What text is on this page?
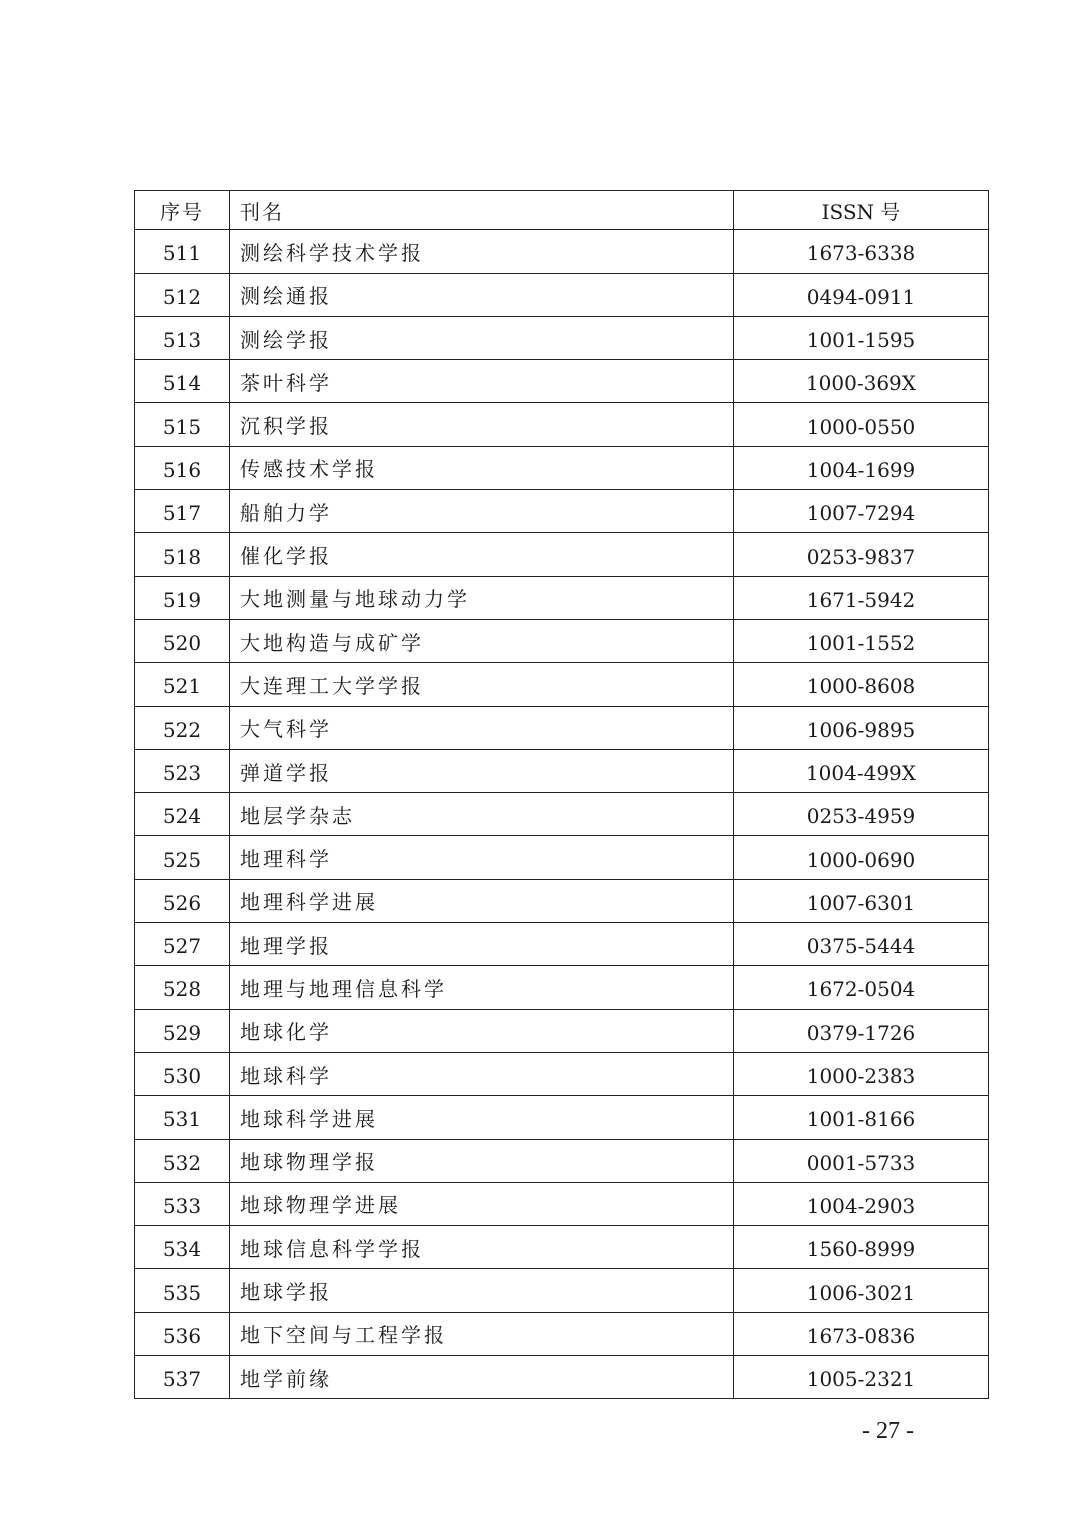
序号	刊名	ISSN 号
511	测绘科学技术学报	1673-6338
512	测绘通报	0494-0911
513	测绘学报	1001-1595
514	茶叶科学	1000-369X
515	沉积学报	1000-0550
516	传感技术学报	1004-1699
517	船舶力学	1007-7294
518	催化学报	0253-9837
519	大地测量与地球动力学	1671-5942
520	大地构造与成矿学	1001-1552
521	大连理工大学学报	1000-8608
522	大气科学	1006-9895
523	弹道学报	1004-499X
524	地层学杂志	0253-4959
525	地理科学	1000-0690
526	地理科学进展	1007-6301
527	地理学报	0375-5444
528	地理与地理信息科学	1672-0504
529	地球化学	0379-1726
530	地球科学	1000-2383
531	地球科学进展	1001-8166
532	地球物理学报	0001-5733
533	地球物理学进展	1004-2903
534	地球信息科学学报	1560-8999
535	地球学报	1006-3021
536	地下空间与工程学报	1673-0836
537	地学前缘	1005-2321
- 27 -
